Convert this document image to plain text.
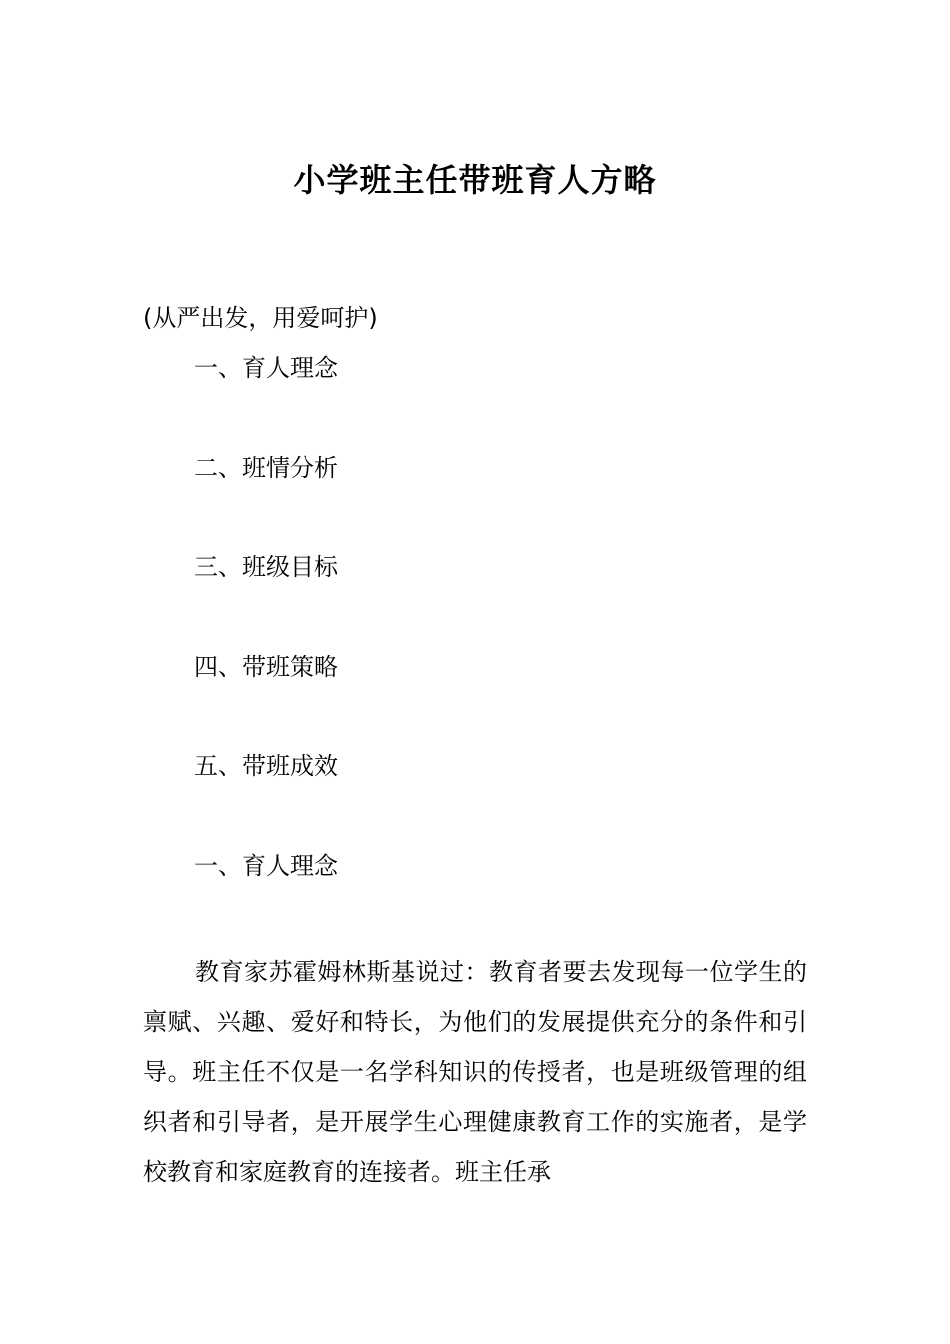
小学班主任带班育人方略
(从严出发，用爱呵护)
一、育人理念
二、班情分析
三、班级目标
四、带班策略
五、带班成效
一、育人理念

教育家苏霍姆林斯基说过：教育者要去发现每一位学生的禀赋、兴趣、爱好和特长，为他们的发展提供充分的条件和引导。班主任不仅是一名学科知识的传授者，也是班级管理的组织者和引导者，是开展学生心理健康教育工作的实施者，是学校教育和家庭教育的连接者。班主任承
